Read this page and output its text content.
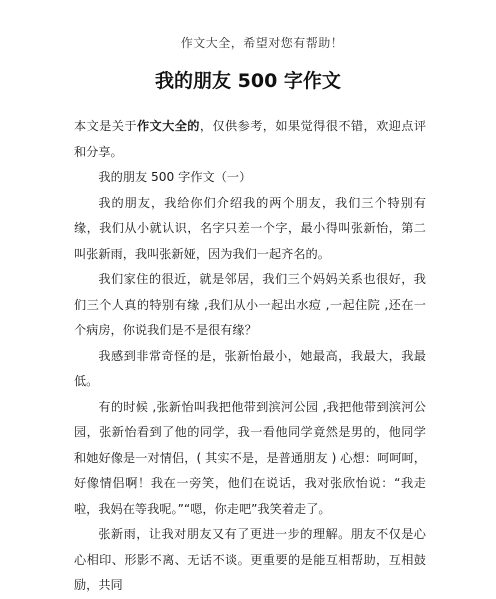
作文大全，希望对您有帮助！
我的朋友 500 字作文

本文是关于作文大全的，仅供参考，如果觉得很不错，欢迎点评和分享。

我的朋友 500 字作文（一）

我的朋友，我给你们介绍我的两个朋友，我们三个特别有缘，我们从小就认识，名字只差一个字，最小得叫张新怡，第二叫张新雨，我叫张新娅，因为我们一起齐名的。

我们家住的很近，就是邻居，我们三个妈妈关系也很好，我们三个人真的特别有缘 ,我们从小一起出水痘 ,一起住院 ,还在一个病房，你说我们是不是很有缘？

我感到非常奇怪的是，张新怡最小，她最高，我最大，我最低。

有的时候 ,张新怡叫我把他带到滨河公园 ,我把他带到滨河公园，张新怡看到了他的同学，我一看他同学竟然是男的，他同学和她好像是一对情侣，( 其实不是，是普通朋友 ) 心想：呵呵呵，好像情侣啊！我在一旁笑，他们在说话，我对张欣怡说：“我走啦，我妈在等我呢。”“嗯，你走吧”我笑着走了。

张新雨，让我对朋友又有了更进一步的理解。朋友不仅是心心相印、形影不离、无话不谈。更重要的是能互相帮助，互相鼓励，共同
